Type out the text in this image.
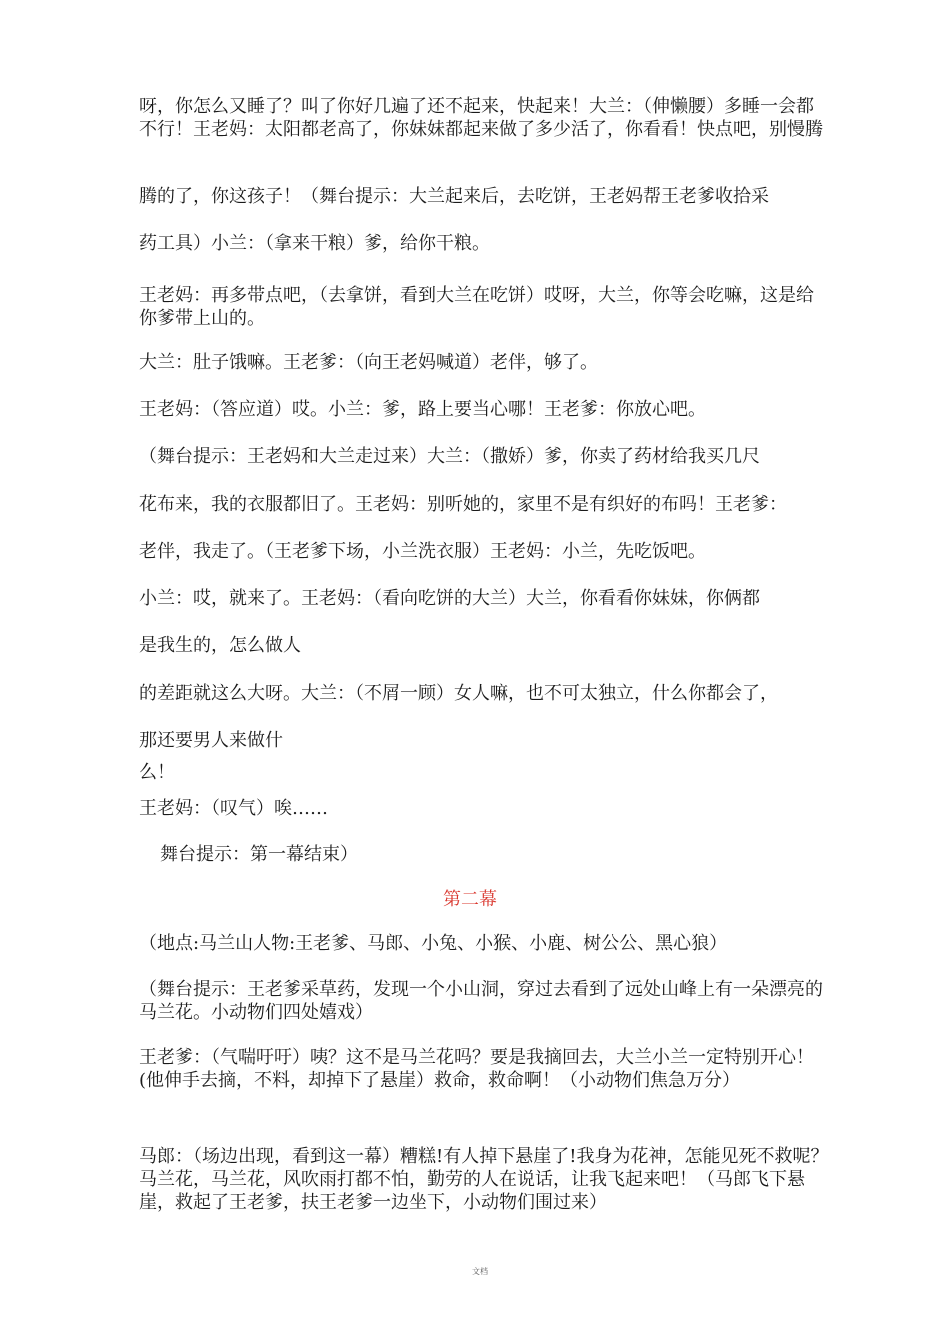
呀，你怎么又睡了？叫了你好几遍了还不起来，快起来！大兰：（伸懒腰）多睡一会都不行！王老妈：太阳都老高了，你妹妹都起来做了多少活了，你看看！快点吧，别慢腾

腾的了，你这孩子！（舞台提示：大兰起来后，去吃饼，王老妈帮王老爹收拾采

药工具）小兰：（拿来干粮）爹，给你干粮。

王老妈：再多带点吧，（去拿饼，看到大兰在吃饼）哎呀，大兰，你等会吃嘛，这是给你爹带上山的。

大兰：肚子饿嘛。王老爹：（向王老妈喊道）老伴，够了。

王老妈：（答应道）哎。小兰：爹，路上要当心哪！王老爹：你放心吧。

（舞台提示：王老妈和大兰走过来）大兰：（撒娇）爹，你卖了药材给我买几尺

花布来，我的衣服都旧了。王老妈：别听她的，家里不是有织好的布吗！王老爹：

老伴，我走了。（王老爹下场，小兰洗衣服）王老妈：小兰，先吃饭吧。

小兰：哎，就来了。王老妈：（看向吃饼的大兰）大兰，你看看你妹妹，你俩都

是我生的，怎么做人

的差距就这么大呀。大兰：（不屑一顾）女人嘛，也不可太独立，什么你都会了，

那还要男人来做什

么！

王老妈：（叹气）唉……

舞台提示：第一幕结束）

第二幕

（地点:马兰山人物:王老爹、马郎、小兔、小猴、小鹿、树公公、黑心狼）

（舞台提示：王老爹采草药，发现一个小山洞，穿过去看到了远处山峰上有一朵漂亮的马兰花。小动物们四处嬉戏）

王老爹：（气喘吁吁）咦？这不是马兰花吗？要是我摘回去，大兰小兰一定特别开心！(他伸手去摘，不料，却掉下了悬崖）救命，救命啊！（小动物们焦急万分）

马郎：（场边出现，看到这一幕）糟糕!有人掉下悬崖了!我身为花神，怎能见死不救呢？马兰花，马兰花，风吹雨打都不怕，勤劳的人在说话，让我飞起来吧！（马郎飞下悬崖，救起了王老爹，扶王老爹一边坐下，小动物们围过来）

文档
